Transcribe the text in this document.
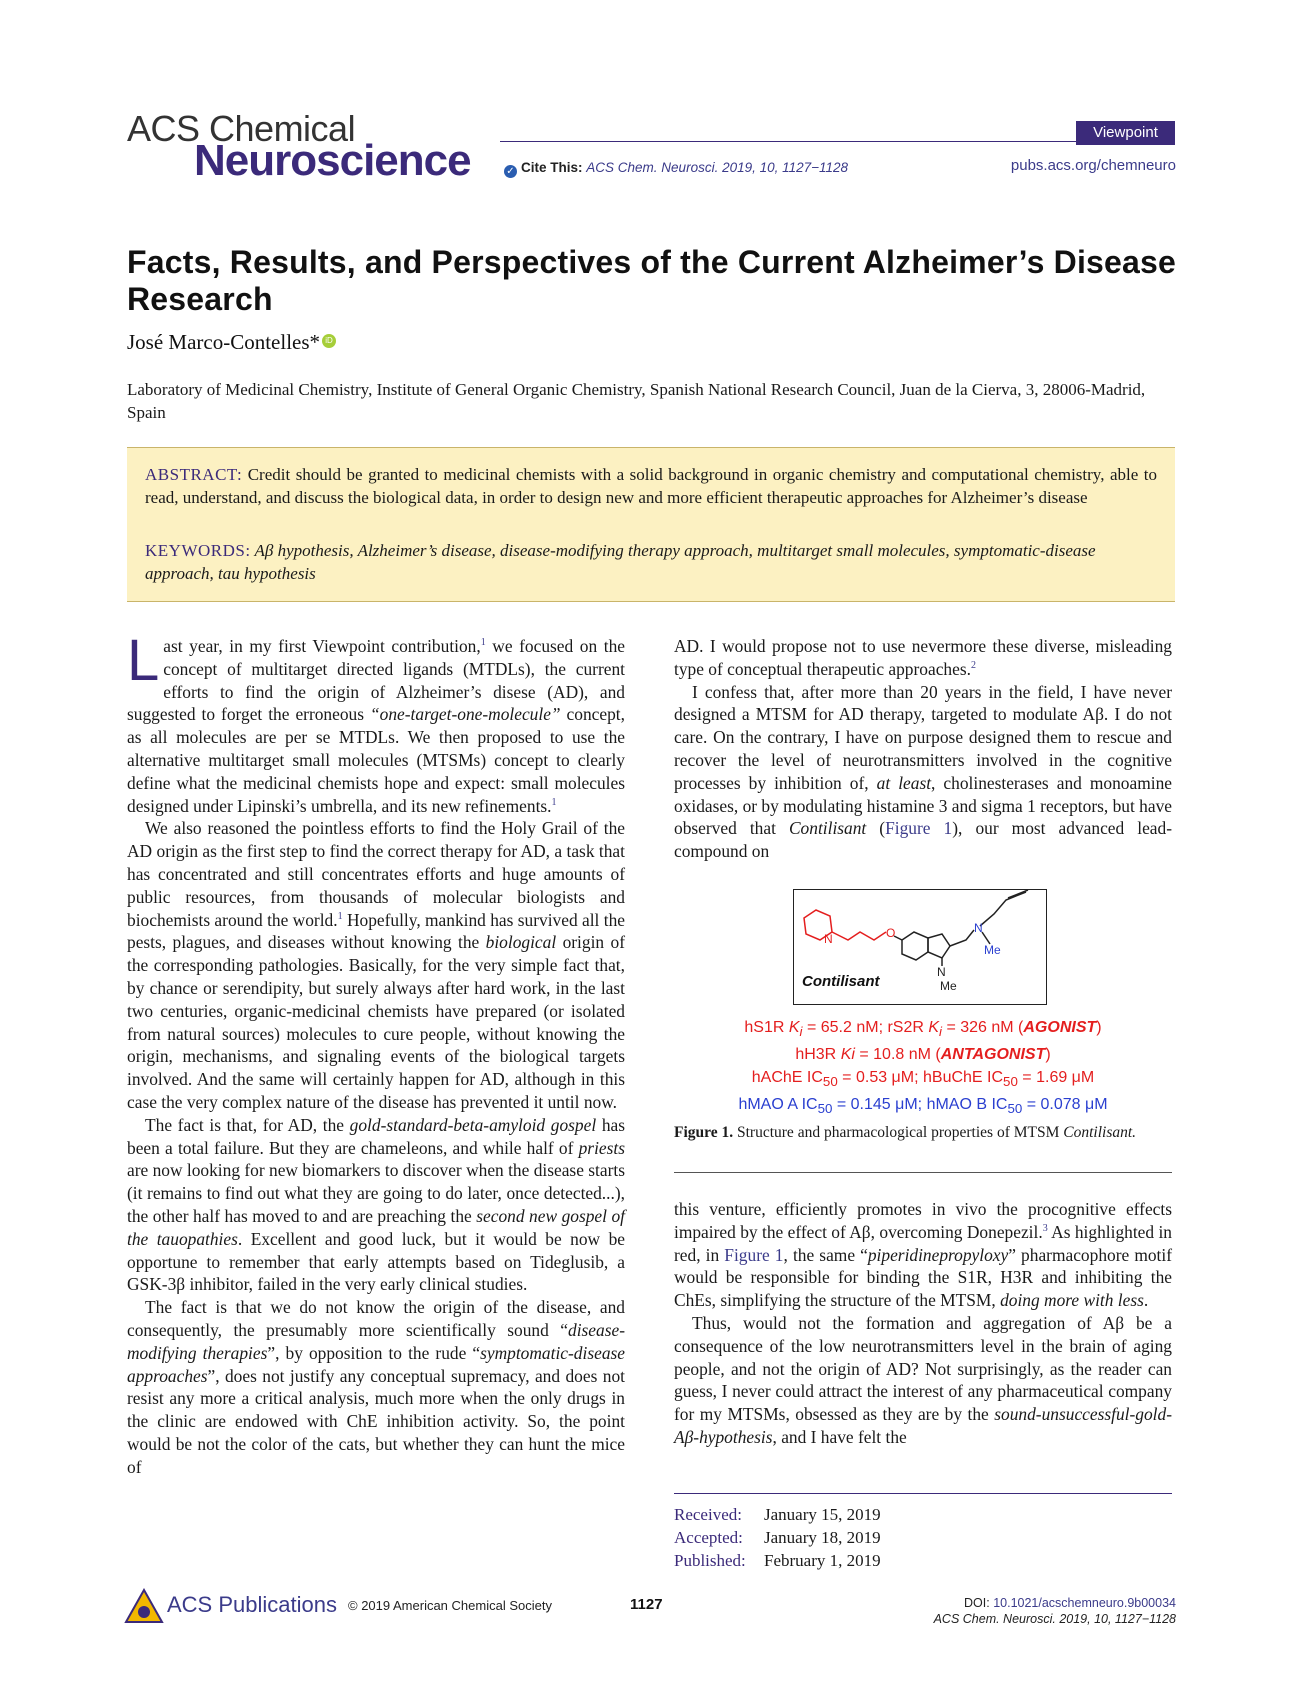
ACS Chemical
Neuroscience	✓ Cite This: ACS Chem. Neurosci. 2019, 10, 1127−1128
Viewpoint
pubs.acs.org/chemneuro
Facts, Results, and Perspectives of the Current Alzheimer’s Disease Research
José Marco-Contelles* iD
Laboratory of Medicinal Chemistry, Institute of General Organic Chemistry, Spanish National Research Council, Juan de la Cierva, 3, 28006-Madrid, Spain
ABSTRACT: Credit should be granted to medicinal chemists with a solid background in organic chemistry and computational chemistry, able to read, understand, and discuss the biological data, in order to design new and more efficient therapeutic approaches for Alzheimer’s disease
KEYWORDS: Aβ hypothesis, Alzheimer’s disease, disease-modifying therapy approach, multitarget small molecules, symptomatic-disease approach, tau hypothesis

Last year, in my first Viewpoint contribution,$^1$ we focused on the concept of multitarget directed ligands (MTDLs), the current efforts to find the origin of Alzheimer’s disese (AD), and suggested to forget the erroneous “one-target-one-molecule” concept, as all molecules are per se MTDLs. We then proposed to use the alternative multitarget small molecules (MTSMs) concept to clearly define what the medicinal chemists hope and expect: small molecules designed under Lipinski’s umbrella, and its new refinements.$^1$

We also reasoned the pointless efforts to find the Holy Grail of the AD origin as the first step to find the correct therapy for AD, a task that has concentrated and still concentrates efforts and huge amounts of public resources, from thousands of molecular biologists and biochemists around the world.$^1$ Hopefully, mankind has survived all the pests, plagues, and diseases without knowing the biological origin of the corresponding pathologies. Basically, for the very simple fact that, by chance or serendipity, but surely always after hard work, in the last two centuries, organic-medicinal chemists have prepared (or isolated from natural sources) molecules to cure people, without knowing the origin, mechanisms, and signaling events of the biological targets involved. And the same will certainly happen for AD, although in this case the very complex nature of the disease has prevented it until now.

The fact is that, for AD, the gold-standard-beta-amyloid gospel has been a total failure. But they are chameleons, and while half of priests are now looking for new biomarkers to discover when the disease starts (it remains to find out what they are going to do later, once detected...), the other half has moved to and are preaching the second new gospel of the tauopathies. Excellent and good luck, but it would be now be opportune to remember that early attempts based on Tideglusib, a GSK-3β inhibitor, failed in the very early clinical studies.

The fact is that we do not know the origin of the disease, and consequently, the presumably more scientifically sound “disease-modifying therapies”, by opposition to the rude “symptomatic-disease approaches”, does not justify any conceptual supremacy, and does not resist any more a critical analysis, much more when the only drugs in the clinic are endowed with ChE inhibition activity. So, the point would be not the color of the cats, but whether they can hunt the mice of

AD. I would propose not to use nevermore these diverse, misleading type of conceptual therapeutic approaches.$^2$

I confess that, after more than 20 years in the field, I have never designed a MTSM for AD therapy, targeted to modulate Aβ. I do not care. On the contrary, I have on purpose designed them to rescue and recover the level of neurotransmitters involved in the cognitive processes by inhibition of, at least, cholinesterases and monoamine oxidases, or by modulating histamine 3 and sigma 1 receptors, but have observed that Contilisant (Figure 1), our most advanced lead-compound on

N	O	N
Me
N
Me
Contilisant
hS1R $K_i = 65.2$ nM; rS2R $K_i = 326$ nM (AGONIST)
hH3R Ki = 10.8 nM (ANTAGONIST)
hAChE $IC_{50} = 0.53$ μM; hBuChE $IC_{50} = 1.69$ μM
hMAO A $IC_{50} = 0.145$ μM; hMAO B $IC_{50} = 0.078$ μM
Figure 1. Structure and pharmacological properties of MTSM Contilisant.

this venture, efficiently promotes in vivo the procognitive effects impaired by the effect of Aβ, overcoming Donepezil.$^3$ As highlighted in red, in Figure 1, the same “piperidinepropyloxy” pharmacophore motif would be responsible for binding the S1R, H3R and inhibiting the ChEs, simplifying the structure of the MTSM, doing more with less.

Thus, would not the formation and aggregation of Aβ be a consequence of the low neurotransmitters level in the brain of aging people, and not the origin of AD? Not surprisingly, as the reader can guess, I never could attract the interest of any pharmaceutical company for my MTSMs, obsessed as they are by the sound-unsuccessful-gold-Aβ-hypothesis, and I have felt the

Received: January 15, 2019
Accepted: January 18, 2019
Published: February 1, 2019
ACS Publications © 2019 American Chemical Society	1127	DOI: 10.1021/acschemneuro.9b00034
ACS Chem. Neurosci. 2019, 10, 1127−1128
